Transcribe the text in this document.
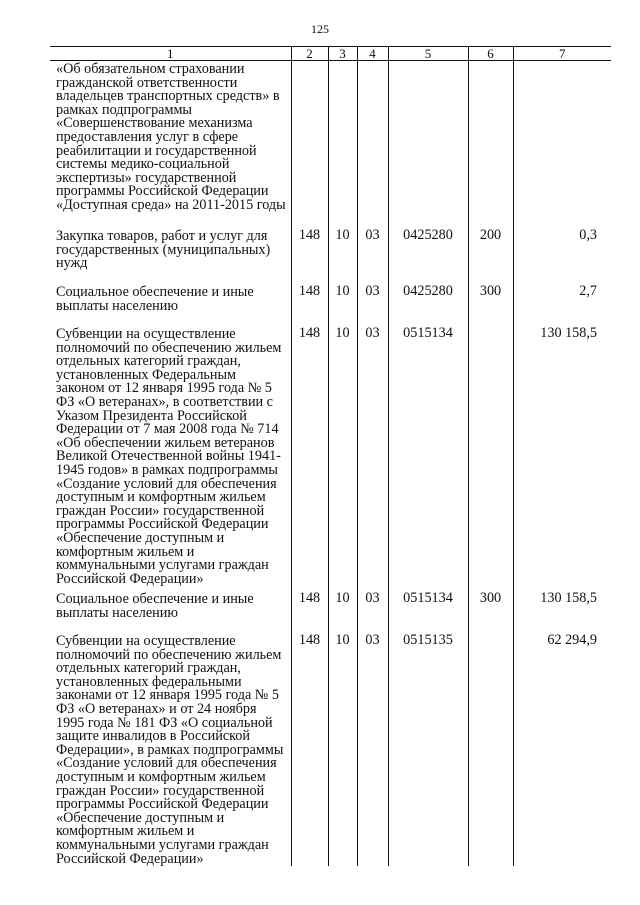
125
1	2	3	4	5	6	7
«Об обязательном страховании гражданской ответственности владельцев транспортных средств» в рамках подпрограммы «Совершенствование механизма предоставления услуг в сфере реабилитации и государственной системы медико-социальной экспертизы» государственной программы Российской Федерации «Доступная среда» на 2011-2015 годы						
Закупка товаров, работ и услуг для государственных (муниципальных) нужд	148	10	03	0425280	200	0,3
Социальное обеспечение и иные выплаты населению	148	10	03	0425280	300	2,7
Субвенции на осуществление полномочий по обеспечению жильем отдельных категорий граждан, установленных Федеральным законом от 12 января 1995 года № 5 ФЗ «О ветеранах», в соответствии с Указом Президента Российской Федерации от 7 мая 2008 года № 714 «Об обеспечении жильем ветеранов Великой Отечественной войны 1941-1945 годов» в рамках подпрограммы «Создание условий для обеспечения доступным и комфортным жильем граждан России» государственной программы Российской Федерации «Обеспечение доступным и комфортным жильем и коммунальными услугами граждан Российской Федерации»	148	10	03	0515134		130 158,5
Социальное обеспечение и иные выплаты населению	148	10	03	0515134	300	130 158,5
Субвенции на осуществление полномочий по обеспечению жильем отдельных категорий граждан, установленных федеральными законами от 12 января 1995 года № 5 ФЗ «О ветеранах» и от 24 ноября 1995 года № 181 ФЗ «О социальной защите инвалидов в Российской Федерации», в рамках подпрограммы «Создание условий для обеспечения доступным и комфортным жильем граждан России» государственной программы Российской Федерации «Обеспечение доступным и комфортным жильем и коммунальными услугами граждан Российской Федерации»	148	10	03	0515135		62 294,9
